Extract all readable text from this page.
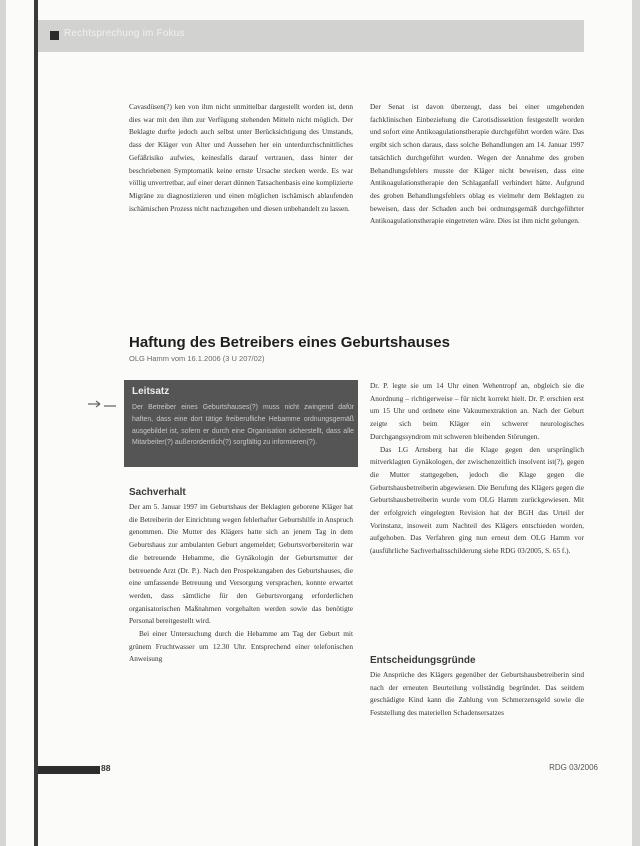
Rechtsprechung im Fokus

Cavasdüsen(?) ken von ihm nicht unmittelbar dargestellt worden ist, denn dies war mit den ihm zur Verfügung stehenden Mitteln nicht möglich. Der Beklagte durfte jedoch auch selbst unter Berücksichtigung des Umstands, dass der Kläger von Alter und Aussehen her ein unterdurchschnittliches Gefäßrisiko aufwies, keinesfalls darauf vertrauen, dass hinter der beschriebenen Symptomatik keine ernste Ursache stecken werde. Es war völlig unvertretbar, auf einer derart dünnen Tatsachenbasis eine komplizierte Migräne zu diagnostizieren und einen möglichen ischämisch ablaufenden ischämischen Prozess nicht nachzugehen und diesen unbehandelt zu lassen.

Der Senat ist davon überzeugt, dass bei einer umgehenden fachklinischen Einbeziehung die Carotisdissektion festgestellt worden und sofort eine Antikoagulationstherapie durchgeführt worden wäre. Das ergibt sich schon daraus, dass solche Behandlungen am 14. Januar 1997 tatsächlich durchgeführt wurden. Wegen der Annahme des groben Behandlungsfehlers musste der Kläger nicht beweisen, dass eine Antikoagulationstherapie den Schlaganfall verhindert hätte. Aufgrund des groben Behandlungsfehlers oblag es vielmehr dem Beklagten zu beweisen, dass der Schaden auch bei ordnungsgemäß durchgeführter Antikoagulationstherapie eingetreten wäre. Dies ist ihm nicht gelungen.

Haftung des Betreibers eines Geburtshauses
OLG Hamm vom 16.1.2006 (3 U 207/02)
Leitsatz
Der Betreiber eines Geburtshauses(?) muss nicht zwingend dafür haften, dass eine dort tätige freiberufliche Hebamme ordnungsgemäß ausgebildet ist, sofern er durch eine Organisation sicherstellt, dass alle Mitarbeiter(?) außerordentlich(?) sorgfältig zu informieren(?).
Sachverhalt

Der am 5. Januar 1997 im Geburtshaus der Beklagten geborene Kläger hat die Betreiberin der Einrichtung wegen fehlerhafter Geburtshilfe in Anspruch genommen. Die Mutter des Klägers hatte sich an jenem Tag in dem Geburtshaus zur ambulanten Geburt angemeldet; Geburtsvorbereiterin war die betreuende Hebamme, die Gynäkologin der Geburtsmutter der betreuende Arzt (Dr. P.). Nach den Prospektangaben des Geburtshauses, die eine umfassende Betreuung und Versorgung versprachen, konnte erwartet werden, dass sämtliche für den Geburtsvorgang erforderlichen organisatorischen Maßnahmen vorgehalten werden sowie das benötigte Personal bereitgestellt wird.

Bei einer Untersuchung durch die Hebamme am Tag der Geburt mit grünem Fruchtwasser um 12.30 Uhr. Entsprechend einer telefonischen Anweisung

Dr. P. legte sie um 14 Uhr einen Wehentropf an, obgleich sie die Anordnung – richtigerweise – für nicht korrekt hielt. Dr. P. erschien erst um 15 Uhr und ordnete eine Vakuumextraktion an. Nach der Geburt zeigte sich beim Kläger ein schwerer neurologisches Durchgangssyndrom mit schweren bleibenden Störungen.

Das LG Arnsberg hat die Klage gegen den ursprünglich mitverklagten Gynäkologen, der zwischenzeitlich insolvent ist(?), gegen die Mutter stattgegeben, jedoch die Klage gegen die Geburtshausbetreiberin abgewiesen. Die Berufung des Klägers gegen die Geburtshausbetreiberin wurde vom OLG Hamm zurückgewiesen. Mit der erfolgreich eingelegten Revision hat der BGH das Urteil der Vorinstanz, insoweit zum Nachteil des Klägers entschieden worden, aufgehoben. Das Verfahren ging nun erneut dem OLG Hamm vor (ausführliche Sachverhaltsschilderung siehe RDG 03/2005, S. 65 f.).

Entscheidungsgründe

Die Ansprüche des Klägers gegenüber der Geburtshausbetreiberin sind nach der erneuten Beurteilung vollständig begründet. Das seitdem geschädigte Kind kann die Zahlung von Schmerzensgeld sowie die Feststellung des materiellen Schadensersatzes

88	RDG 03/2006
